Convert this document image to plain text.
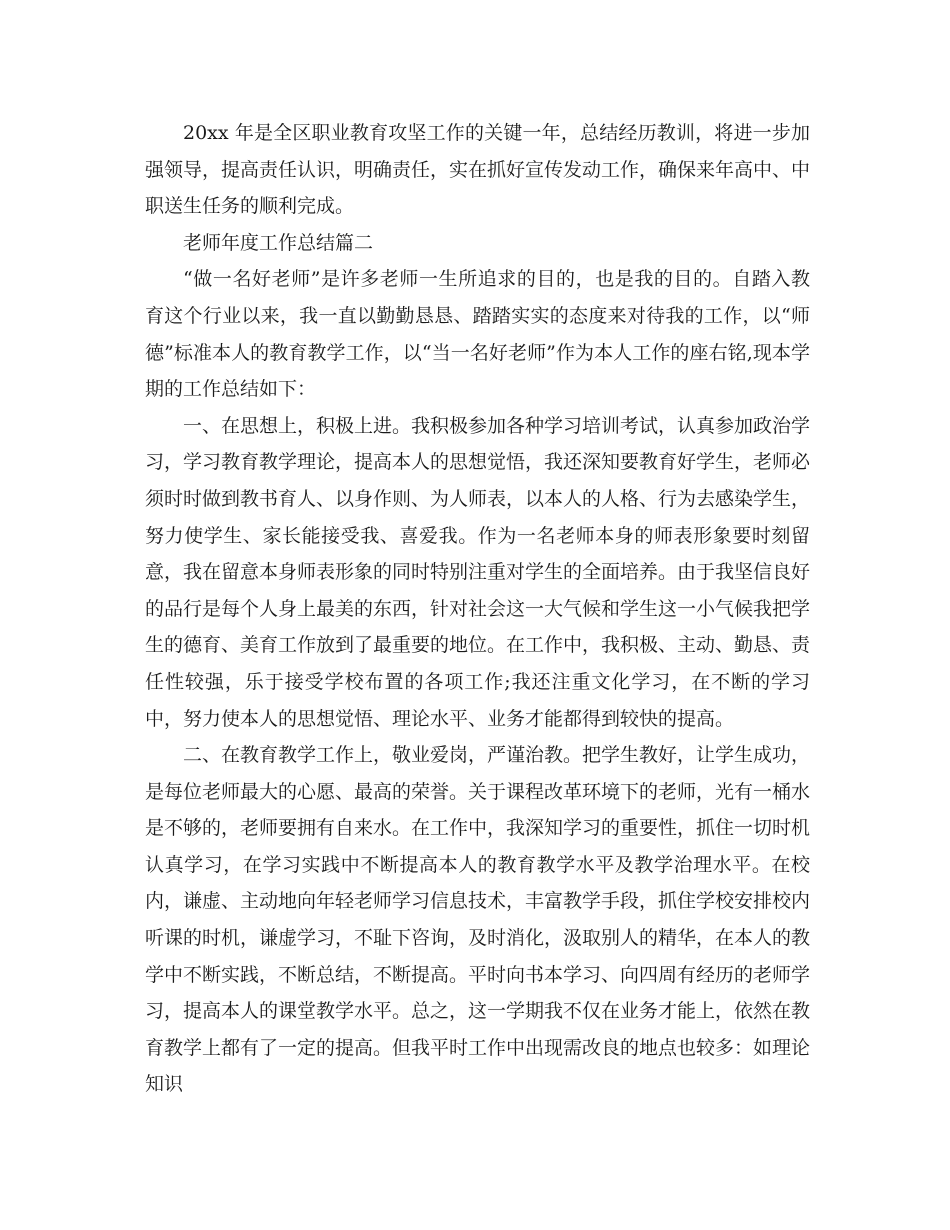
20xx 年是全区职业教育攻坚工作的关键一年，总结经历教训，将进一步加强领导，提高责任认识，明确责任，实在抓好宣传发动工作，确保来年高中、中职送生任务的顺利完成。

老师年度工作总结篇二

“做一名好老师”是许多老师一生所追求的目的，也是我的目的。自踏入教育这个行业以来，我一直以勤勤恳恳、踏踏实实的态度来对待我的工作，以“师德”标准本人的教育教学工作，以“当一名好老师”作为本人工作的座右铭,现本学期的工作总结如下：

一、在思想上，积极上进。我积极参加各种学习培训考试，认真参加政治学习，学习教育教学理论，提高本人的思想觉悟，我还深知要教育好学生，老师必须时时做到教书育人、以身作则、为人师表，以本人的人格、行为去感染学生，努力使学生、家长能接受我、喜爱我。作为一名老师本身的师表形象要时刻留意，我在留意本身师表形象的同时特别注重对学生的全面培养。由于我坚信良好的品行是每个人身上最美的东西，针对社会这一大气候和学生这一小气候我把学生的德育、美育工作放到了最重要的地位。在工作中，我积极、主动、勤恳、责任性较强，乐于接受学校布置的各项工作;我还注重文化学习，在不断的学习中，努力使本人的思想觉悟、理论水平、业务才能都得到较快的提高。

二、在教育教学工作上，敬业爱岗，严谨治教。把学生教好，让学生成功，是每位老师最大的心愿、最高的荣誉。关于课程改革环境下的老师，光有一桶水是不够的，老师要拥有自来水。在工作中，我深知学习的重要性，抓住一切时机认真学习，在学习实践中不断提高本人的教育教学水平及教学治理水平。在校内，谦虚、主动地向年轻老师学习信息技术，丰富教学手段，抓住学校安排校内听课的时机，谦虚学习，不耻下咨询，及时消化，汲取别人的精华，在本人的教学中不断实践，不断总结，不断提高。平时向书本学习、向四周有经历的老师学习，提高本人的课堂教学水平。总之，这一学期我不仅在业务才能上，依然在教育教学上都有了一定的提高。但我平时工作中出现需改良的地点也较多：如理论知识
